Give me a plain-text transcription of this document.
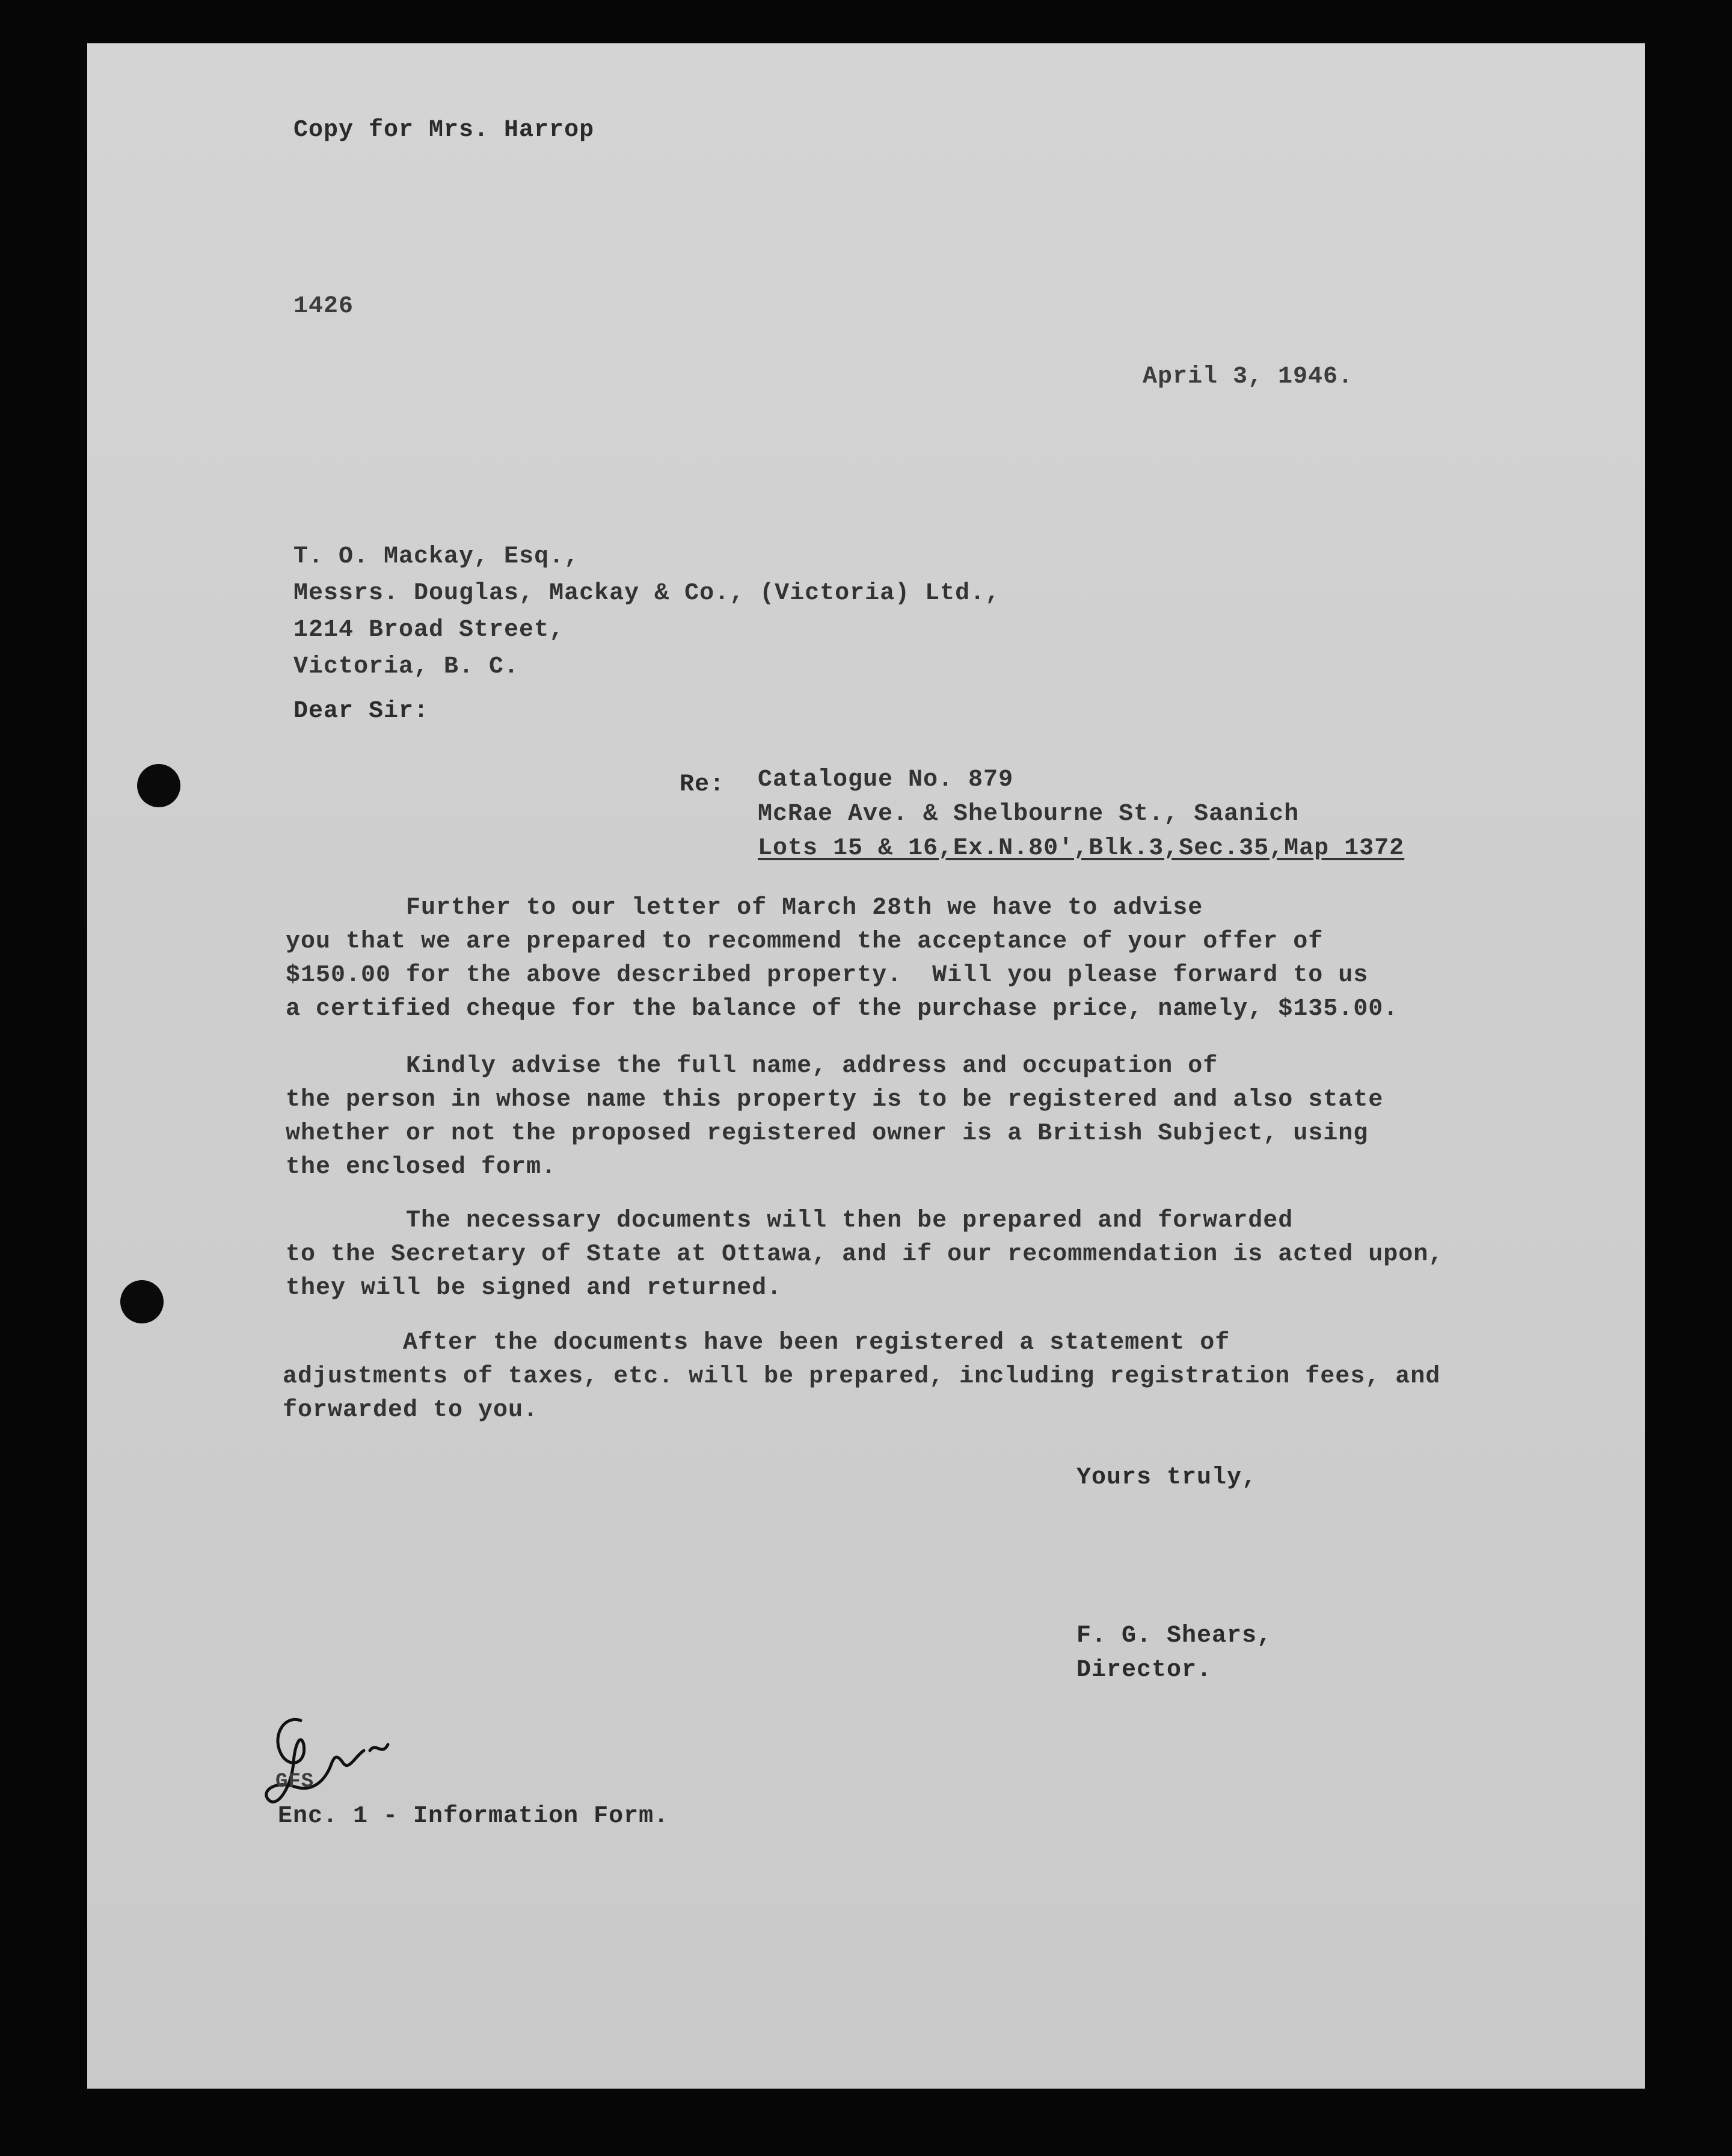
Copy for Mrs. Harrop
1426
April 3, 1946.
T. O. Mackay, Esq.,
Messrs. Douglas, Mackay & Co., (Victoria) Ltd.,
1214 Broad Street,
Victoria, B. C.
Dear Sir:
Re: Catalogue No. 879
McRae Ave. & Shelbourne St., Saanich
Lots 15 & 16,Ex.N.80',Blk.3,Sec.35,Map 1372
Further to our letter of March 28th we have to advise
you that we are prepared to recommend the acceptance of your offer of
$150.00 for the above described property.  Will you please forward to us
a certified cheque for the balance of the purchase price, namely, $135.00.
Kindly advise the full name, address and occupation of
the person in whose name this property is to be registered and also state
whether or not the proposed registered owner is a British Subject, using
the enclosed form.
The necessary documents will then be prepared and forwarded
to the Secretary of State at Ottawa, and if our recommendation is acted upon,
they will be signed and returned.
After the documents have been registered a statement of
adjustments of taxes, etc. will be prepared, including registration fees, and
forwarded to you.
Yours truly,
F. G. Shears,
Director.
GFS
Enc. 1 - Information Form.
